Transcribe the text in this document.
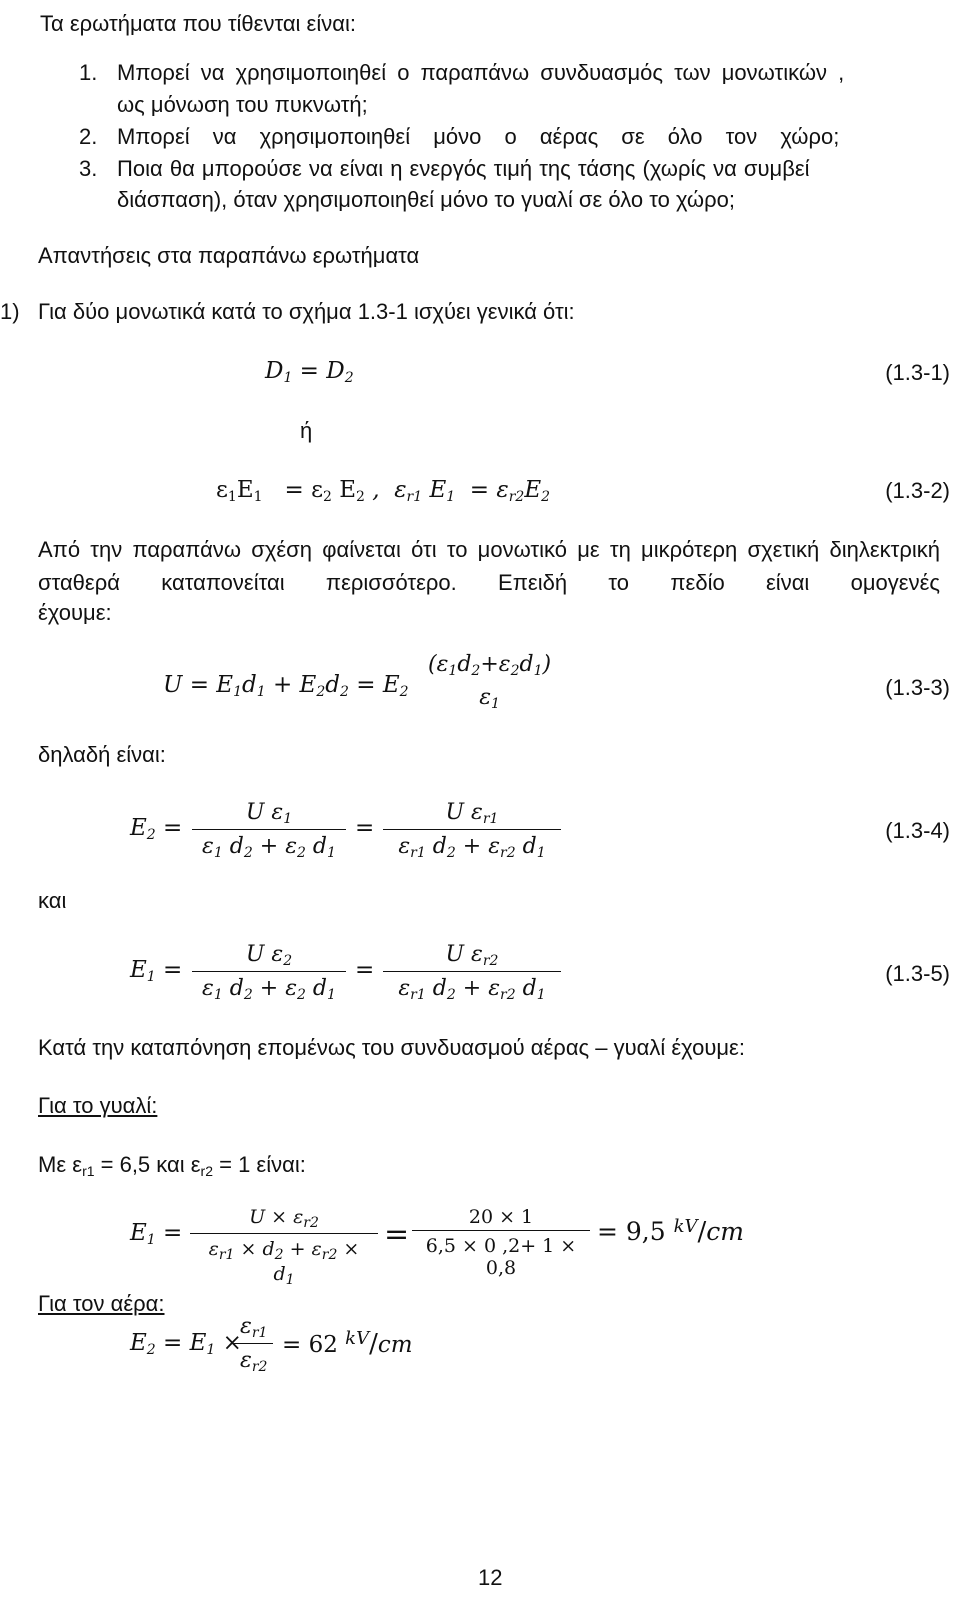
Τα ερωτήματα που τίθενται είναι:
1. Μπορεί να χρησιμοποιηθεί ο παραπάνω συνδυασμός των μονωτικών ,
ως μόνωση του πυκνωτή;
2. Μπορεί να χρησιμοποιηθεί μόνο ο αέρας σε όλο τον χώρο;
3. Ποια θα μπορούσε να είναι η ενεργός τιμή της τάσης (χωρίς να συμβεί
διάσπαση), όταν χρησιμοποιηθεί μόνο το γυαλί σε όλο το χώρο;
Απαντήσεις στα παραπάνω ερωτήματα
1) Για δύο μονωτικά κατά το σχήμα 1.3-1 ισχύει γενικά ότι:
$D_1 = D_2$	(1.3-1)
ή
$\varepsilon_1E_1 = \varepsilon_2$ $E_2$ ,  $\varepsilon_{r1}$ $E_1 = \varepsilon_{r2}E_2$	(1.3-2)
Από την παραπάνω σχέση φαίνεται ότι το μονωτικό με τη μικρότερη σχετική διηλεκτρική σταθερά καταπονείται περισσότερο. Επειδή το πεδίο είναι ομογενές
έχουμε:
$U = E_1d_1 + E_2d_2 = E_2$
$(\varepsilon_1d_2+\varepsilon_2d_1)$
$\varepsilon_1$
(1.3-3)
δηλαδή είναι:
$E_2 = \frac{U \varepsilon_1}{\varepsilon_1 d_2 + \varepsilon_2 d_1} = \frac{U \varepsilon_{r1}}{\varepsilon_{r1} d_2 + \varepsilon_{r2} d_1}$	(1.3-4)
και
$E_1 = \frac{U \varepsilon_2}{\varepsilon_1 d_2 + \varepsilon_2 d_1} = \frac{U \varepsilon_{r2}}{\varepsilon_{r1} d_2 + \varepsilon_{r2} d_1}$	(1.3-5)
Κατά την καταπόνηση επομένως του συνδυασμού αέρας – γυαλί έχουμε:
Για το γυαλί:
Με $\varepsilon_{r1} = 6,5$ και $\varepsilon_{r2} = 1$ είναι:
$E_1 = \frac{U \times \varepsilon_{r2}}{\varepsilon_{r1} \times d_2 + \varepsilon_{r2} \times d_1} = \frac{20 \times 1}{6,5 \times 0 ,2+ 1 \times 0,8} = 9,5$ $^{kV}$/cm
Για τον αέρα:
$E_2 = E_1$ ×
$\frac{\varepsilon_{r1}}{\varepsilon_{r2}} = 62$ $^{kV}$/cm
12
